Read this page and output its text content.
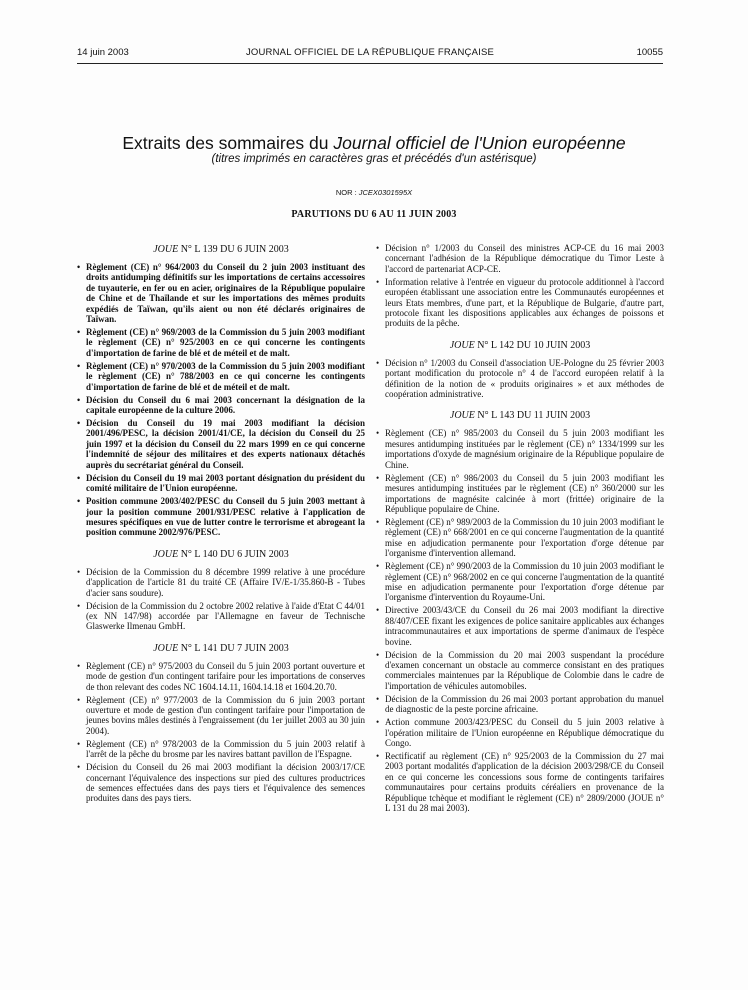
14 juin 2003	JOURNAL OFFICIEL DE LA RÉPUBLIQUE FRANÇAISE	10055
Extraits des sommaires du Journal officiel de l'Union européenne
(titres imprimés en caractères gras et précédés d'un astérisque)
NOR : JCEX0301595X
PARUTIONS DU 6 AU 11 JUIN 2003
JOUE N° L 139 DU 6 JUIN 2003
• Règlement (CE) n° 964/2003 du Conseil du 2 juin 2003 instituant des droits antidumping définitifs sur les importations de certains accessoires de tuyauterie, en fer ou en acier, originaires de la République populaire de Chine et de Thaïlande et sur les importations des mêmes produits expédiés de Taïwan, qu'ils aient ou non été déclarés originaires de Taïwan.
• Règlement (CE) n° 969/2003 de la Commission du 5 juin 2003 modifiant le règlement (CE) n° 925/2003 en ce qui concerne les contingents d'importation de farine de blé et de méteil et de malt.
• Règlement (CE) n° 970/2003 de la Commission du 5 juin 2003 modifiant le règlement (CE) n° 788/2003 en ce qui concerne les contingents d'importation de farine de blé et de méteil et de malt.
• Décision du Conseil du 6 mai 2003 concernant la désignation de la capitale européenne de la culture 2006.
• Décision du Conseil du 19 mai 2003 modifiant la décision 2001/496/PESC, la décision 2001/41/CE, la décision du Conseil du 25 juin 1997 et la décision du Conseil du 22 mars 1999 en ce qui concerne l'indemnité de séjour des militaires et des experts nationaux détachés auprès du secrétariat général du Conseil.
• Décision du Conseil du 19 mai 2003 portant désignation du président du comité militaire de l'Union européenne.
• Position commune 2003/402/PESC du Conseil du 5 juin 2003 mettant à jour la position commune 2001/931/PESC relative à l'application de mesures spécifiques en vue de lutter contre le terrorisme et abrogeant la position commune 2002/976/PESC.
JOUE N° L 140 DU 6 JUIN 2003
• Décision de la Commission du 8 décembre 1999 relative à une procédure d'application de l'article 81 du traité CE (Affaire IV/E-1/35.860-B - Tubes d'acier sans soudure).
• Décision de la Commission du 2 octobre 2002 relative à l'aide d'Etat C 44/01 (ex NN 147/98) accordée par l'Allemagne en faveur de Technische Glaswerke Ilmenau GmbH.
JOUE N° L 141 DU 7 JUIN 2003
• Règlement (CE) n° 975/2003 du Conseil du 5 juin 2003 portant ouverture et mode de gestion d'un contingent tarifaire pour les importations de conserves de thon relevant des codes NC 1604.14.11, 1604.14.18 et 1604.20.70.
• Règlement (CE) n° 977/2003 de la Commission du 6 juin 2003 portant ouverture et mode de gestion d'un contingent tarifaire pour l'importation de jeunes bovins mâles destinés à l'engraissement (du 1er juillet 2003 au 30 juin 2004).
• Règlement (CE) n° 978/2003 de la Commission du 5 juin 2003 relatif à l'arrêt de la pêche du brosme par les navires battant pavillon de l'Espagne.
• Décision du Conseil du 26 mai 2003 modifiant la décision 2003/17/CE concernant l'équivalence des inspections sur pied des cultures productrices de semences effectuées dans des pays tiers et l'équivalence des semences produites dans des pays tiers.
• Décision n° 1/2003 du Conseil des ministres ACP-CE du 16 mai 2003 concernant l'adhésion de la République démocratique du Timor Leste à l'accord de partenariat ACP-CE.
• Information relative à l'entrée en vigueur du protocole additionnel à l'accord européen établissant une association entre les Communautés européennes et leurs Etats membres, d'une part, et la République de Bulgarie, d'autre part, protocole fixant les dispositions applicables aux échanges de poissons et produits de la pêche.
JOUE N° L 142 DU 10 JUIN 2003
• Décision n° 1/2003 du Conseil d'association UE-Pologne du 25 février 2003 portant modification du protocole n° 4 de l'accord européen relatif à la définition de la notion de « produits originaires » et aux méthodes de coopération administrative.
JOUE N° L 143 DU 11 JUIN 2003
• Règlement (CE) n° 985/2003 du Conseil du 5 juin 2003 modifiant les mesures antidumping instituées par le règlement (CE) n° 1334/1999 sur les importations d'oxyde de magnésium originaire de la République populaire de Chine.
• Règlement (CE) n° 986/2003 du Conseil du 5 juin 2003 modifiant les mesures antidumping instituées par le règlement (CE) n° 360/2000 sur les importations de magnésite calcinée à mort (frittée) originaire de la République populaire de Chine.
• Règlement (CE) n° 989/2003 de la Commission du 10 juin 2003 modifiant le règlement (CE) n° 668/2001 en ce qui concerne l'augmentation de la quantité mise en adjudication permanente pour l'exportation d'orge détenue par l'organisme d'intervention allemand.
• Règlement (CE) n° 990/2003 de la Commission du 10 juin 2003 modifiant le règlement (CE) n° 968/2002 en ce qui concerne l'augmentation de la quantité mise en adjudication permanente pour l'exportation d'orge détenue par l'organisme d'intervention du Royaume-Uni.
• Directive 2003/43/CE du Conseil du 26 mai 2003 modifiant la directive 88/407/CEE fixant les exigences de police sanitaire applicables aux échanges intracommunautaires et aux importations de sperme d'animaux de l'espèce bovine.
• Décision de la Commission du 20 mai 2003 suspendant la procédure d'examen concernant un obstacle au commerce consistant en des pratiques commerciales maintenues par la République de Colombie dans le cadre de l'importation de véhicules automobiles.
• Décision de la Commission du 26 mai 2003 portant approbation du manuel de diagnostic de la peste porcine africaine.
• Action commune 2003/423/PESC du Conseil du 5 juin 2003 relative à l'opération militaire de l'Union européenne en République démocratique du Congo.
• Rectificatif au règlement (CE) n° 925/2003 de la Commission du 27 mai 2003 portant modalités d'application de la décision 2003/298/CE du Conseil en ce qui concerne les concessions sous forme de contingents tarifaires communautaires pour certains produits céréaliers en provenance de la République tchèque et modifiant le règlement (CE) n° 2809/2000 (JOUE n° L 131 du 28 mai 2003).
